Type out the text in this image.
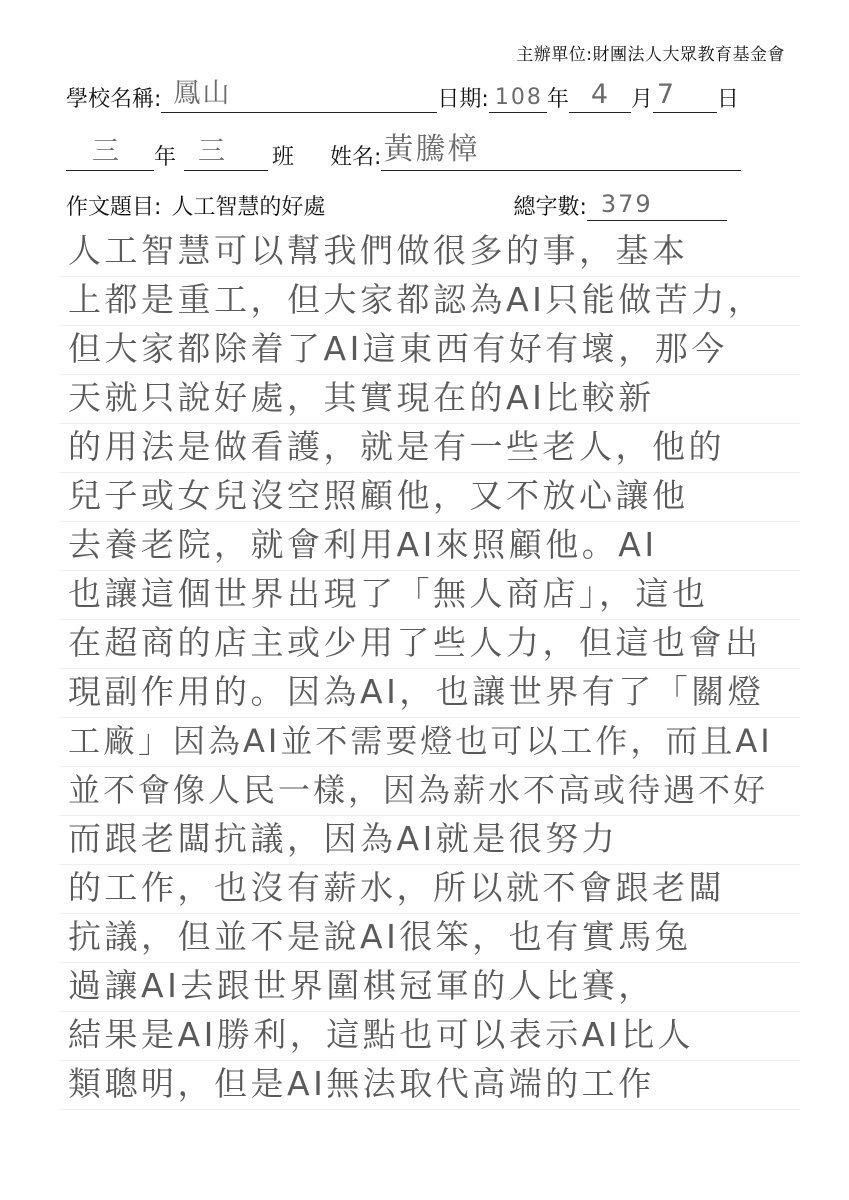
主辦單位:財團法人大眾教育基金會
學校名稱: 鳳山	日期: 108 年 4 月 7 日
三 年 三 班 姓名: 黃騰樟
作文題目: 人工智慧的好處	總字數: 379
人工智慧可以幫我們做很多的事，基本
上都是重工，但大家都認為AI只能做苦力，
但大家都除着了AI這東西有好有壞，那今
天就只說好處，其實現在的AI比較新
的用法是做看護，就是有一些老人，他的
兒子或女兒沒空照顧他，又不放心讓他
去養老院，就會利用AI來照顧他。AI
也讓這個世界出現了「無人商店」，這也
在超商的店主或少用了些人力，但這也會出
現副作用的。因為AI，也讓世界有了「關燈
工廠」因為AI並不需要燈也可以工作，而且AI
並不會像人民一樣，因為薪水不高或待遇不好
而跟老闆抗議，因為AI就是很努力
的工作，也沒有薪水，所以就不會跟老闆
抗議，但並不是說AI很笨，也有實馬兔
過讓AI去跟世界圍棋冠軍的人比賽，
結果是AI勝利，這點也可以表示AI比人
類聰明，但是AI無法取代高端的工作
